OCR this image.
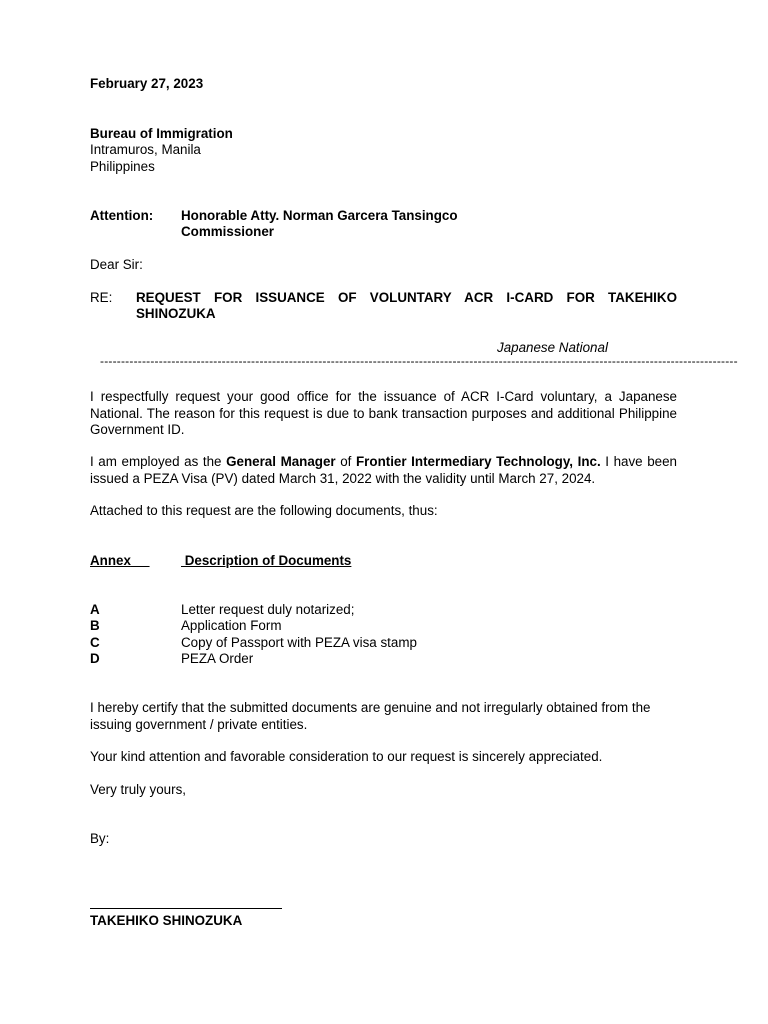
February 27, 2023
Bureau of Immigration
Intramuros, Manila
Philippines
Attention: Honorable Atty. Norman Garcera Tansingco
Commissioner
Dear Sir:
RE: REQUEST FOR ISSUANCE OF VOLUNTARY ACR I-CARD FOR TAKEHIKO
SHINOZUKA
Japanese National
--------------------------------------------------------------------------------------------------------------------------------------------------------
I respectfully request your good office for the issuance of ACR I-Card voluntary, a Japanese National. The reason for this request is due to bank transaction purposes and additional Philippine Government ID.
I am employed as the General Manager of Frontier Intermediary Technology, Inc. I have been issued a PEZA Visa (PV) dated March 31, 2022 with the validity until March 27, 2024.
Attached to this request are the following documents, thus:
Annex	Description of Documents
A	Letter request duly notarized;
B	Application Form
C	Copy of Passport with PEZA visa stamp
D	PEZA Order
I hereby certify that the submitted documents are genuine and not irregularly obtained from the issuing government / private entities.
Your kind attention and favorable consideration to our request is sincerely appreciated.
Very truly yours,
By:
TAKEHIKO SHINOZUKA
